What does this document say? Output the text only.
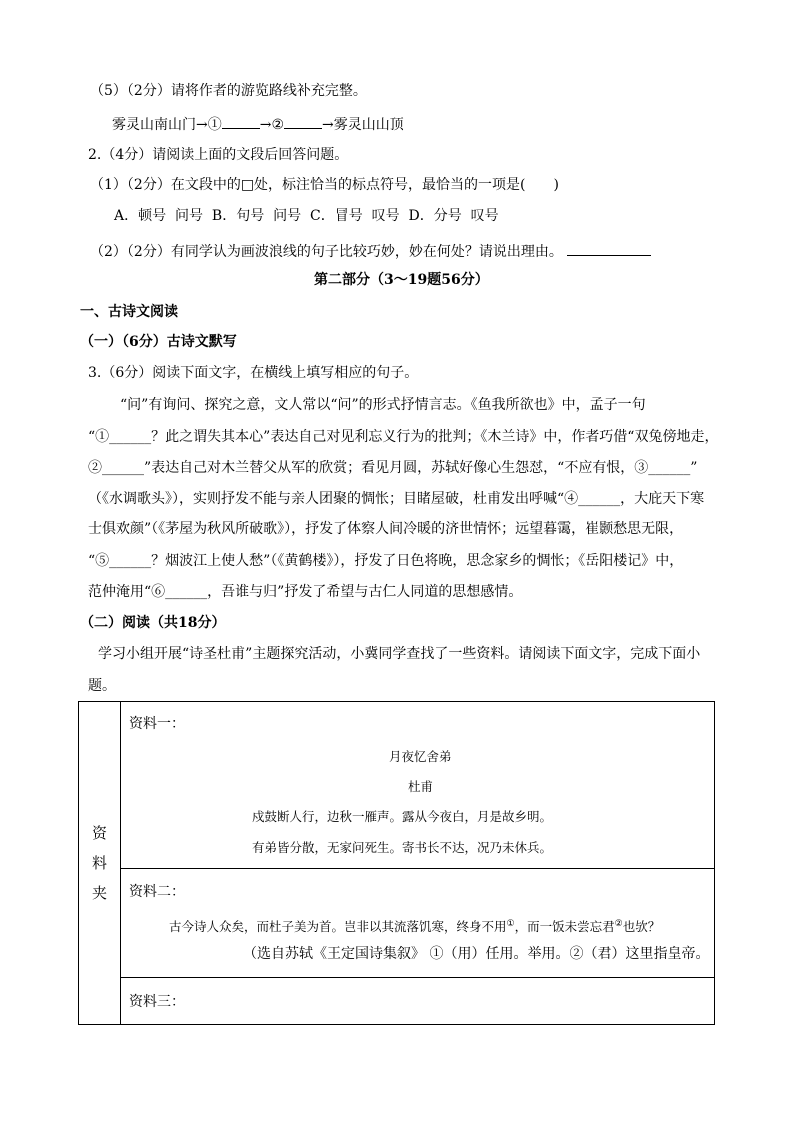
（5）（2分）请将作者的游览路线补充完整。
雾灵山南山门→①	→②	→雾灵山山顶
2.（4分）请阅读上面的文段后回答问题。
（1）（2分）在文段中的□处，标注恰当的标点符号，最恰当的一项是(　　)
A．顿号  问号  B．句号  问号  C．冒号  叹号  D．分号  叹号
（2）（2分）有同学认为画波浪线的句子比较巧妙，妙在何处？请说出理由。
第二部分（3～19题56分）
一、古诗文阅读
（一）（6分）古诗文默写
3.（6分）阅读下面文字，在横线上填写相应的句子。
“问”有询问、探究之意，文人常以“问”的形式抒情言志。《鱼我所欲也》中，孟子一句
“①______？此之谓失其本心”表达自己对见利忘义行为的批判；《木兰诗》中，作者巧借“双兔傍地走，
②______”表达自己对木兰替父从军的欣赏；看见月圆，苏轼好像心生怨怼，“不应有恨，③______”
（《水调歌头》），实则抒发不能与亲人团聚的惆怅；目睹屋破，杜甫发出呼喊“④______，大庇天下寒
士俱欢颜”（《茅屋为秋风所破歌》），抒发了体察人间冷暖的济世情怀；远望暮霭，崔颢愁思无限，
“⑤______？烟波江上使人愁”（《黄鹤楼》），抒发了日色将晚，思念家乡的惆怅；《岳阳楼记》中，
范仲淹用“⑥______，吾谁与归”抒发了希望与古仁人同道的思想感情。
（二）阅读（共18分）
学习小组开展“诗圣杜甫”主题探究活动，小冀同学查找了一些资料。请阅读下面文字，完成下面小
题。
资
料
夹

资料一：
月夜忆舍弟
杜甫
戍鼓断人行，边秋一雁声。露从今夜白，月是故乡明。
有弟皆分散，无家问死生。寄书长不达，况乃未休兵。

资料二：
古今诗人众矣，而杜子美为首。岂非以其流落饥寒，终身不用①，而一饭未尝忘君②也欤？
（选自苏轼《王定国诗集叙》 ①（用）任用。举用。②（君）这里指皇帝。

资料三：
